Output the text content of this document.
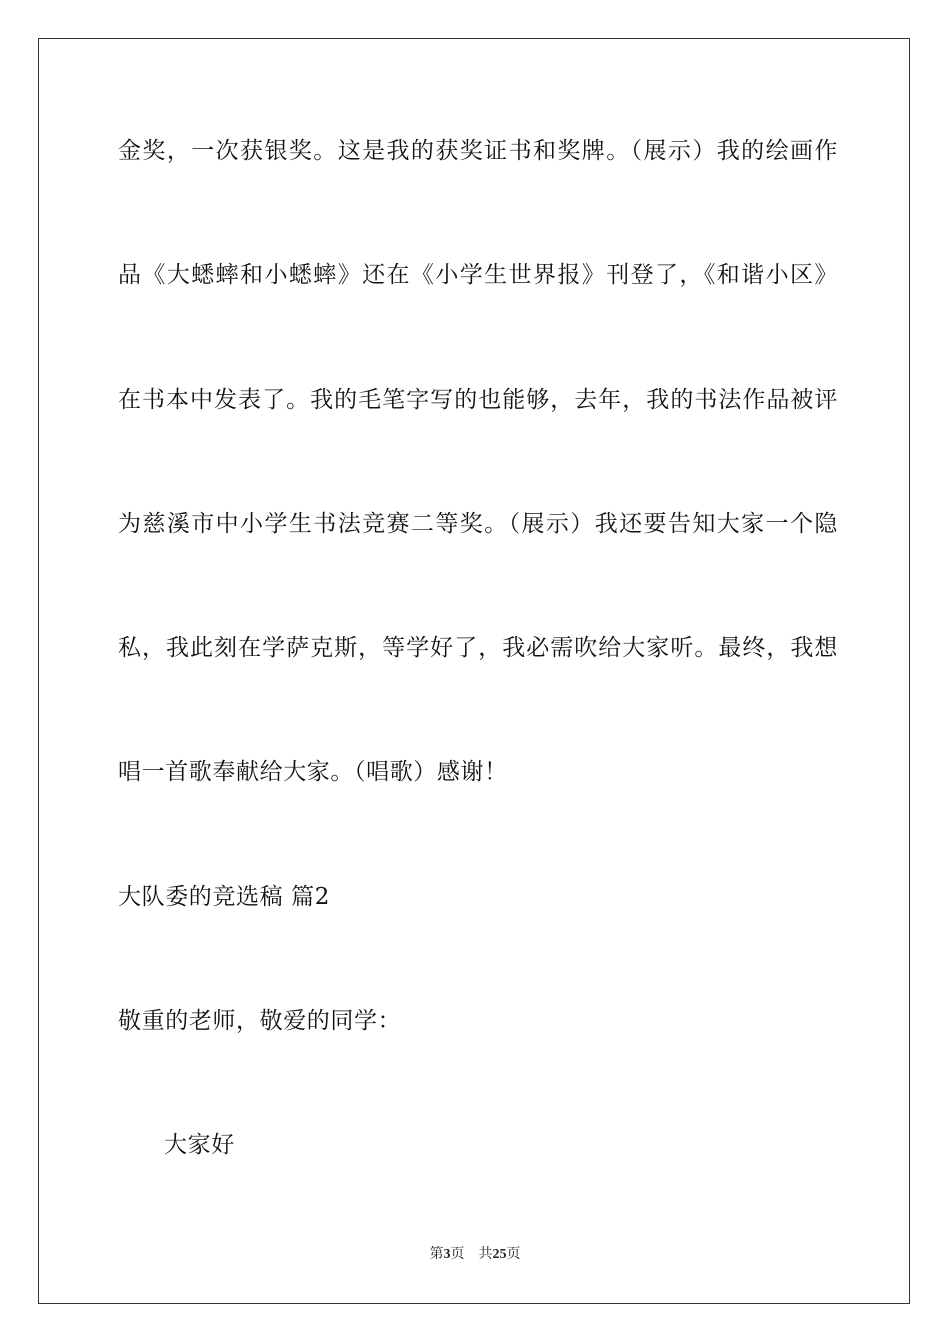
金奖，一次获银奖。这是我的获奖证书和奖牌。（展示）我的绘画作
品《大蟋蟀和小蟋蟀》还在《小学生世界报》刊登了，《和谐小区》
在书本中发表了。我的毛笔字写的也能够，去年，我的书法作品被评
为慈溪市中小学生书法竞赛二等奖。（展示）我还要告知大家一个隐
私，我此刻在学萨克斯，等学好了，我必需吹给大家听。最终，我想
唱一首歌奉献给大家。（唱歌）感谢！
大队委的竞选稿 篇2
敬重的老师，敬爱的同学：
大家好
第3页 共25页
